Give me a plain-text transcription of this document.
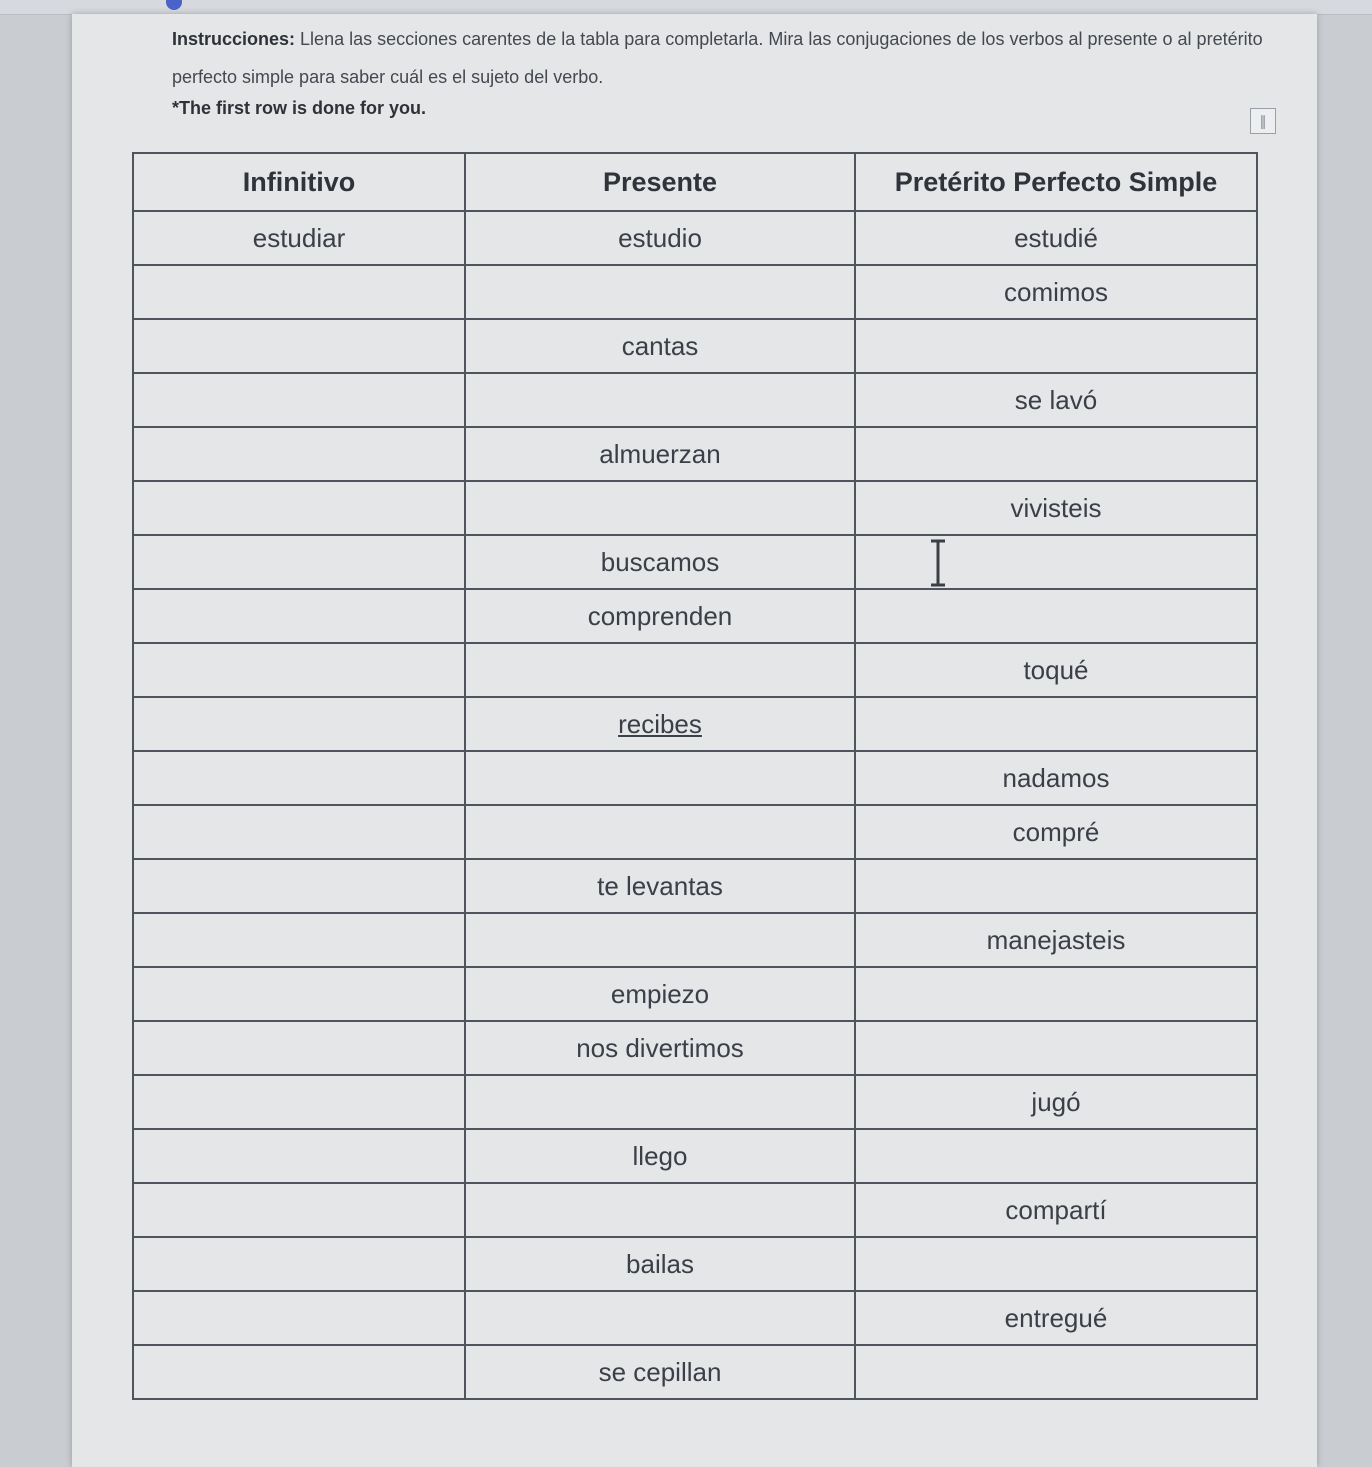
Instrucciones: Llena las secciones carentes de la tabla para completarla. Mira las conjugaciones de los verbos al presente o al pretérito perfecto simple para saber cuál es el sujeto del verbo.
*The first row is done for you.
∥
Infinitivo	Presente	Pretérito Perfecto Simple
estudiar	estudio	estudié
		comimos
	cantas	
		se lavó
	almuerzan	
		vivisteis
	buscamos	
	comprenden	
		toqué
	recibes	
		nadamos
		compré
	te levantas	
		manejasteis
	empiezo	
	nos divertimos	
		jugó
	llego	
		compartí
	bailas	
		entregué
	se cepillan	
